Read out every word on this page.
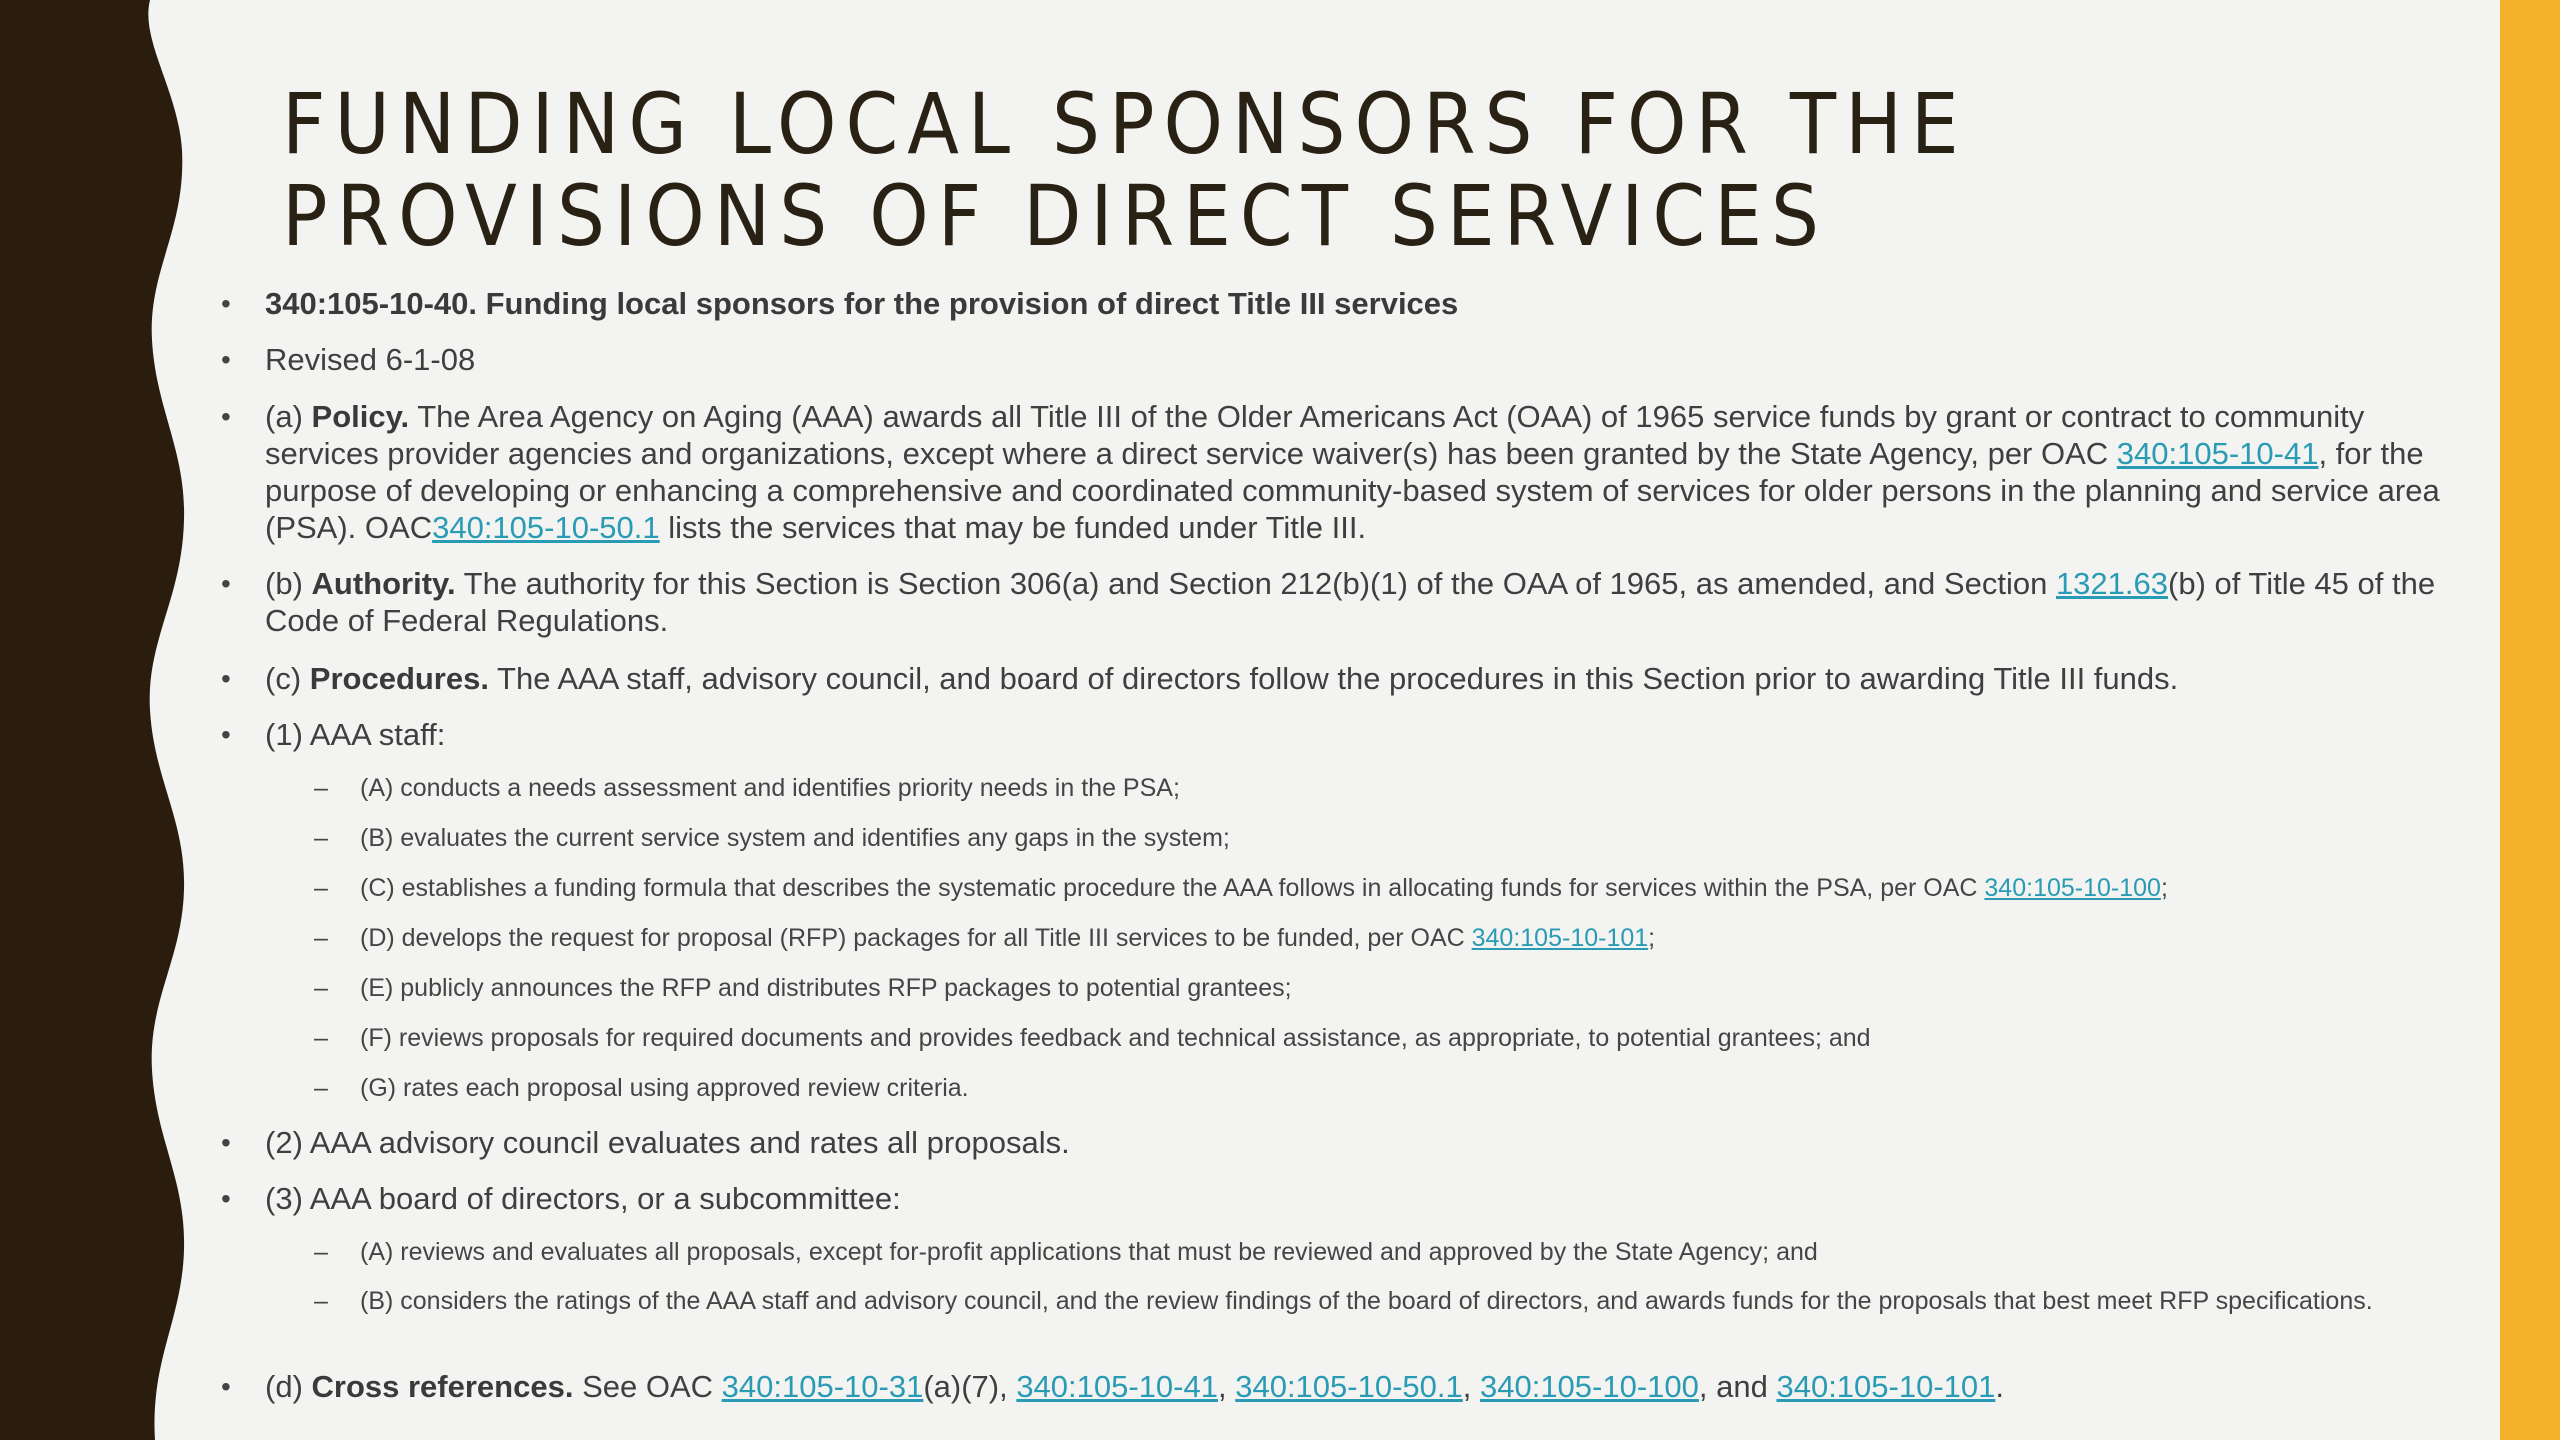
FUNDING LOCAL SPONSORS FOR THE PROVISIONS OF DIRECT SERVICES
• 340:105-10-40. Funding local sponsors for the provision of direct Title III services
• Revised 6-1-08
• (a) Policy. The Area Agency on Aging (AAA) awards all Title III of the Older Americans Act (OAA) of 1965 service funds by grant or contract to community services provider agencies and organizations, except where a direct service waiver(s) has been granted by the State Agency, per OAC 340:105-10-41, for the purpose of developing or enhancing a comprehensive and coordinated community-based system of services for older persons in the planning and service area (PSA). OAC340:105-10-50.1 lists the services that may be funded under Title III.
• (b) Authority. The authority for this Section is Section 306(a) and Section 212(b)(1) of the OAA of 1965, as amended, and Section 1321.63(b) of Title 45 of the Code of Federal Regulations.
• (c) Procedures. The AAA staff, advisory council, and board of directors follow the procedures in this Section prior to awarding Title III funds.
• (1) AAA staff:
– (A) conducts a needs assessment and identifies priority needs in the PSA;
– (B) evaluates the current service system and identifies any gaps in the system;
– (C) establishes a funding formula that describes the systematic procedure the AAA follows in allocating funds for services within the PSA, per OAC 340:105-10-100;
– (D) develops the request for proposal (RFP) packages for all Title III services to be funded, per OAC 340:105-10-101;
– (E) publicly announces the RFP and distributes RFP packages to potential grantees;
– (F) reviews proposals for required documents and provides feedback and technical assistance, as appropriate, to potential grantees; and
– (G) rates each proposal using approved review criteria.
• (2) AAA advisory council evaluates and rates all proposals.
• (3) AAA board of directors, or a subcommittee:
– (A) reviews and evaluates all proposals, except for-profit applications that must be reviewed and approved by the State Agency; and
– (B) considers the ratings of the AAA staff and advisory council, and the review findings of the board of directors, and awards funds for the proposals that best meet RFP specifications.
• (d) Cross references. See OAC 340:105-10-31(a)(7), 340:105-10-41, 340:105-10-50.1, 340:105-10-100, and 340:105-10-101.
